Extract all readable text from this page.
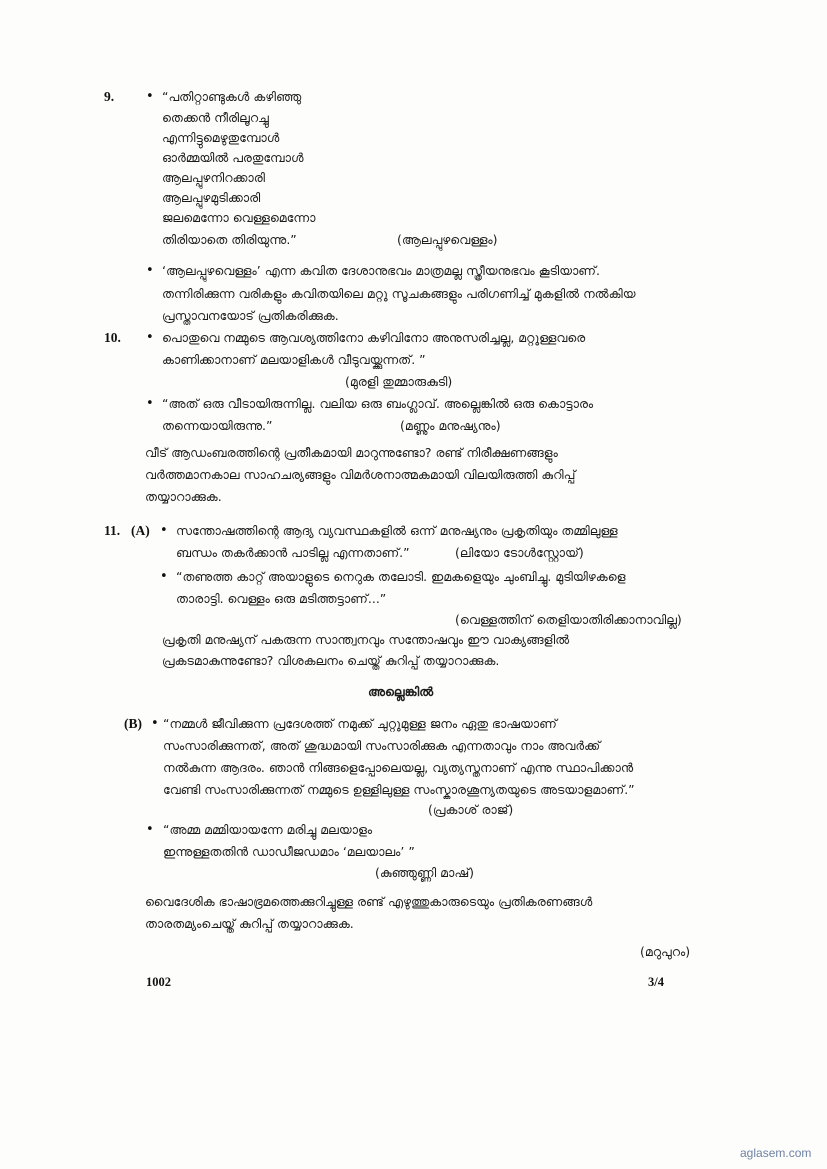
9. • “പതിറ്റാണ്ടുകൾ കഴിഞ്ഞു
തെക്കൻ നീരിലൂറച്ചു
എന്നിട്ടുമെഴുതുമ്പോൾ
ഓർമ്മയിൽ പരതുമ്പോൾ
ആലപ്പുഴനിറക്കാരി
ആലപ്പുഴമുടിക്കാരി
ജലമെന്നോ വെള്ളമെന്നോ
തിരിയാതെ തിരിയുന്നു.”	(ആലപ്പുഴവെള്ളം)
• ‘ആലപ്പുഴവെള്ളം’ എന്ന കവിത ദേശാനുഭവം മാത്രമല്ല സ്ത്രീയനുഭവം കൂടിയാണ്.
തന്നിരിക്കുന്ന വരികളും കവിതയിലെ മറ്റു സൂചകങ്ങളും പരിഗണിച്ച് മുകളിൽ നൽകിയ
പ്രസ്താവനയോട് പ്രതികരിക്കുക.
10. • പൊതുവെ നമ്മുടെ ആവശ്യത്തിനോ കഴിവിനോ അനുസരിച്ചല്ല, മറ്റുള്ളവരെ
കാണിക്കാനാണ് മലയാളികൾ വീടുവയ്ക്കുന്നത്. ”
(മുരളി തുമ്മാരുകുടി)
• “അത് ഒരു വീടായിരുന്നില്ല. വലിയ ഒരു ബംഗ്ലാവ്. അല്ലെങ്കിൽ ഒരു കൊട്ടാരം
തന്നെയായിരുന്നു.”	(മണ്ണും മനുഷ്യനും)
വീട് ആഡംബരത്തിന്റെ പ്രതീകമായി മാറുന്നുണ്ടോ? രണ്ട് നിരീക്ഷണങ്ങളും
വർത്തമാനകാല സാഹചര്യങ്ങളും വിമർശനാത്മകമായി വിലയിരുത്തി കുറിപ്പ്
തയ്യാറാക്കുക.
11. (A) • സന്തോഷത്തിന്റെ ആദ്യ വ്യവസ്ഥകളിൽ ഒന്ന് മനുഷ്യനും പ്രകൃതിയും തമ്മിലുള്ള
ബന്ധം തകർക്കാൻ പാടില്ല എന്നതാണ്.”	(ലിയോ ടോൾസ്റ്റോയ്)
• “തണുത്ത കാറ്റ് അയാളുടെ നെറുക തലോടി. ഇമകളെയും ചുംബിച്ചു. മുടിയിഴകളെ
താരാട്ടി. വെള്ളം ഒരു മടിത്തട്ടാണ്...”
(വെള്ളത്തിന് തെളിയാതിരിക്കാനാവില്ല)
പ്രകൃതി മനുഷ്യന് പകരുന്ന സാന്ത്വനവും സന്തോഷവും ഈ വാക്യങ്ങളിൽ
പ്രകടമാകുന്നുണ്ടോ? വിശകലനം ചെയ്ത് കുറിപ്പ് തയ്യാറാക്കുക.
അല്ലെങ്കിൽ
(B) • “നമ്മൾ ജീവിക്കുന്ന പ്രദേശത്ത് നമുക്ക് ചുറ്റുമുള്ള ജനം ഏതു ഭാഷയാണ്
സംസാരിക്കുന്നത്, അത് ശുദ്ധമായി സംസാരിക്കുക എന്നതാവും നാം അവർക്ക്
നൽകുന്ന ആദരം. ഞാൻ നിങ്ങളെപ്പോലെയല്ല, വ്യത്യസ്തനാണ് എന്നു സ്ഥാപിക്കാൻ
വേണ്ടി സംസാരിക്കുന്നത് നമ്മുടെ ഉള്ളിലുള്ള സംസ്കാരശൂന്യതയുടെ അടയാളമാണ്.”
(പ്രകാശ് രാജ്)
• “അമ്മ മമ്മിയായന്നേ മരിച്ചു മലയാളം
ഇന്നുള്ളതതിൻ ഡാഡീജഡമാം ‘മലയാലം’ ”
(കുഞ്ഞുണ്ണി മാഷ്)
വൈദേശിക ഭാഷാഭ്രമത്തെക്കുറിച്ചുള്ള രണ്ട് എഴുത്തുകാരുടെയും പ്രതികരണങ്ങൾ
താരതമ്യംചെയ്ത് കുറിപ്പ് തയ്യാറാക്കുക.
(മറുപുറം)
1002	3/4
aglasem.com
